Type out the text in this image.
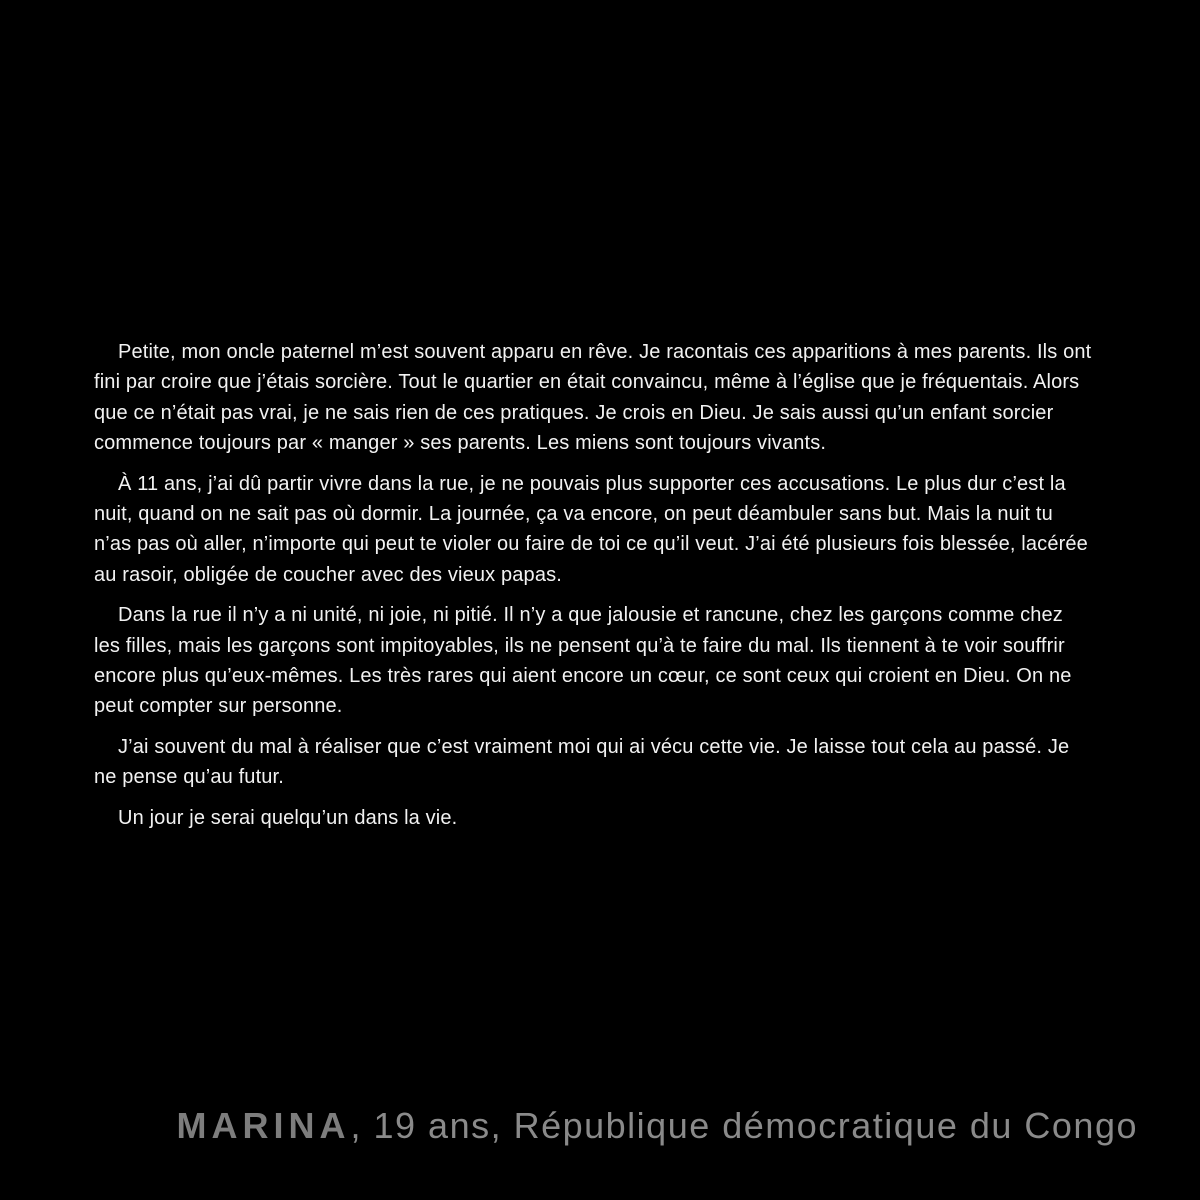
Petite, mon oncle paternel m’est souvent apparu en rêve. Je racontais ces apparitions à mes parents. Ils ont fini par croire que j’étais sorcière. Tout le quartier en était convaincu, même à l’église que je fréquentais. Alors que ce n’était pas vrai, je ne sais rien de ces pratiques. Je crois en Dieu. Je sais aussi qu’un enfant sorcier commence toujours par « manger » ses parents. Les miens sont toujours vivants.

À 11 ans, j’ai dû partir vivre dans la rue, je ne pouvais plus supporter ces accusations. Le plus dur c’est la nuit, quand on ne sait pas où dormir. La journée, ça va encore, on peut déambuler sans but. Mais la nuit tu n’as pas où aller, n’importe qui peut te violer ou faire de toi ce qu’il veut. J’ai été plusieurs fois blessée, lacérée au rasoir, obligée de coucher avec des vieux papas.

Dans la rue il n’y a ni unité, ni joie, ni pitié. Il n’y a que jalousie et rancune, chez les garçons comme chez les filles, mais les garçons sont impitoyables, ils ne pensent qu’à te faire du mal. Ils tiennent à te voir souffrir encore plus qu’eux-mêmes. Les très rares qui aient encore un cœur, ce sont ceux qui croient en Dieu. On ne peut compter sur personne.

J’ai souvent du mal à réaliser que c’est vraiment moi qui ai vécu cette vie. Je laisse tout cela au passé. Je ne pense qu’au futur.

Un jour je serai quelqu’un dans la vie.

MARINA, 19 ans, République démocratique du Congo
